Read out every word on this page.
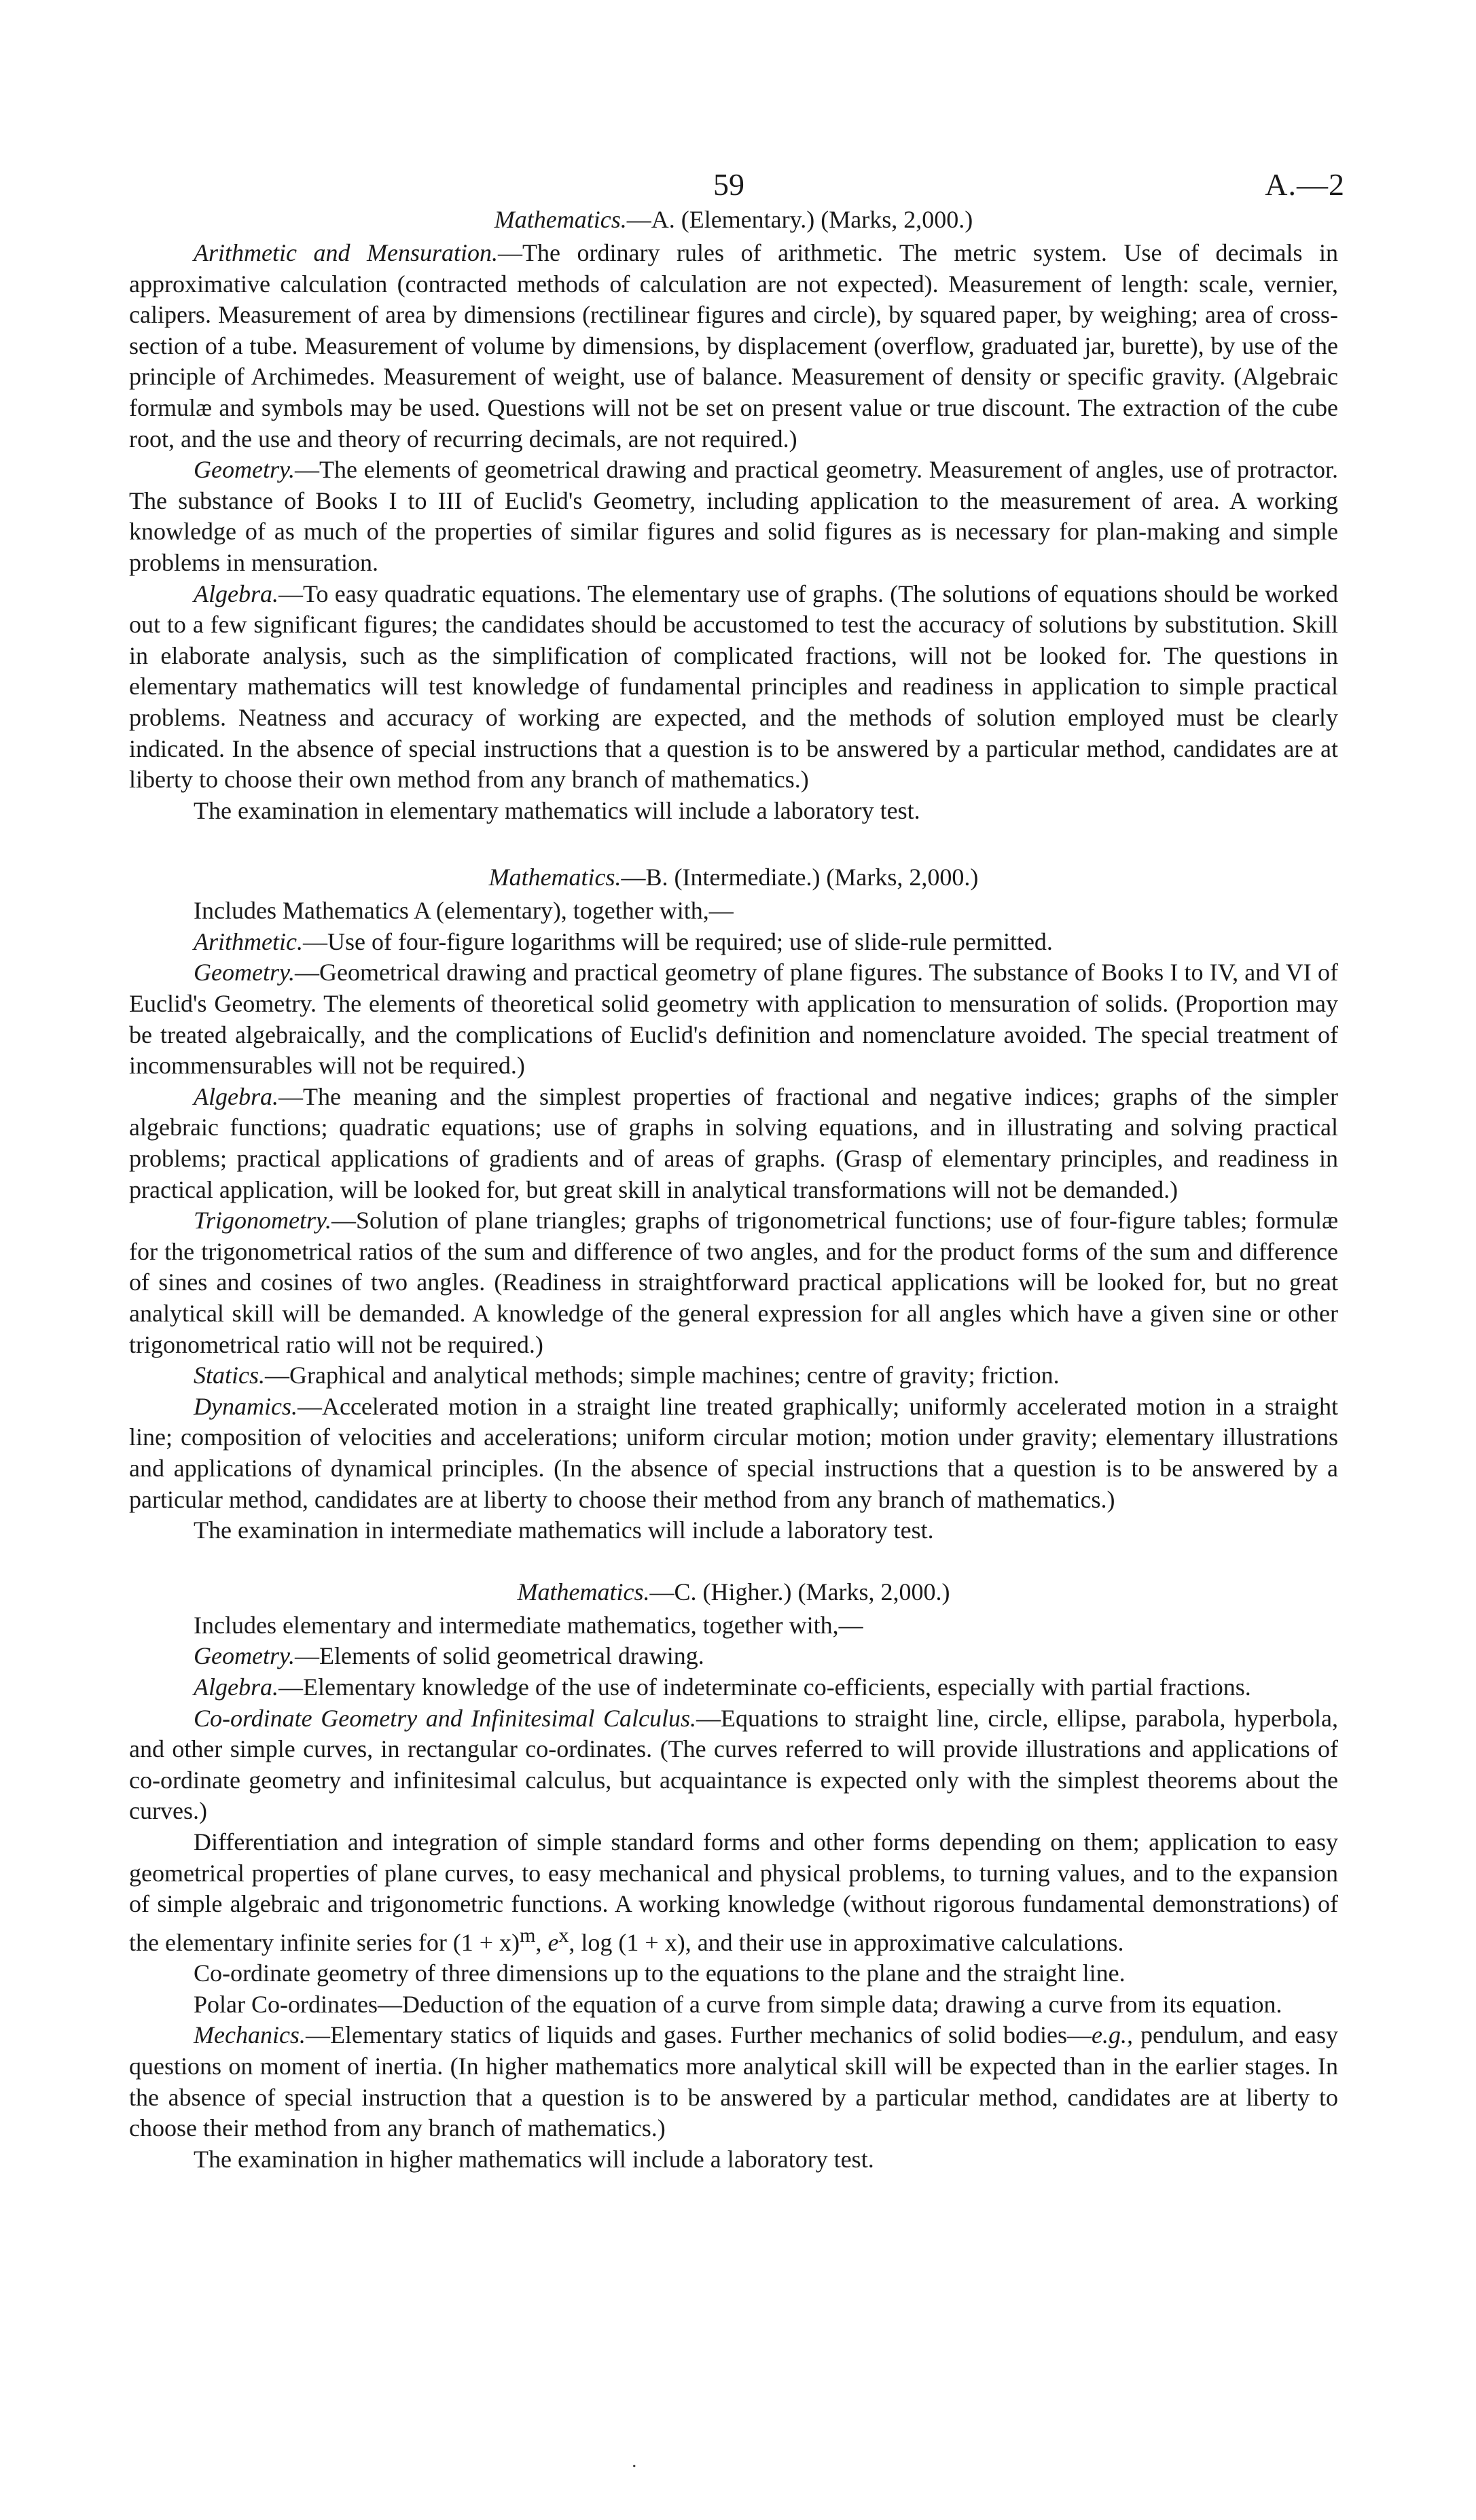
59	A.—2

Mathematics.—A. (Elementary.) (Marks, 2,000.)

Arithmetic and Mensuration.—The ordinary rules of arithmetic. The metric system. Use of decimals in approximative calculation (contracted methods of calculation are not expected). Measurement of length: scale, vernier, calipers. Measurement of area by dimensions (rectilinear figures and circle), by squared paper, by weighing; area of cross-section of a tube. Measurement of volume by dimensions, by displacement (overflow, graduated jar, burette), by use of the principle of Archimedes. Measurement of weight, use of balance. Measurement of density or specific gravity. (Algebraic formulæ and symbols may be used. Questions will not be set on present value or true discount. The extraction of the cube root, and the use and theory of recurring decimals, are not required.)

Geometry.—The elements of geometrical drawing and practical geometry. Measurement of angles, use of protractor. The substance of Books I to III of Euclid's Geometry, including application to the measurement of area. A working knowledge of as much of the properties of similar figures and solid figures as is necessary for plan-making and simple problems in mensuration.

Algebra.—To easy quadratic equations. The elementary use of graphs. (The solutions of equations should be worked out to a few significant figures; the candidates should be accustomed to test the accuracy of solutions by substitution. Skill in elaborate analysis, such as the simplification of complicated fractions, will not be looked for. The questions in elementary mathematics will test knowledge of fundamental principles and readiness in application to simple practical problems. Neatness and accuracy of working are expected, and the methods of solution employed must be clearly indicated. In the absence of special instructions that a question is to be answered by a particular method, candidates are at liberty to choose their own method from any branch of mathematics.)

The examination in elementary mathematics will include a laboratory test.

Mathematics.—B. (Intermediate.) (Marks, 2,000.)

Includes Mathematics A (elementary), together with,—

Arithmetic.—Use of four-figure logarithms will be required; use of slide-rule permitted.

Geometry.—Geometrical drawing and practical geometry of plane figures. The substance of Books I to IV, and VI of Euclid's Geometry. The elements of theoretical solid geometry with application to mensuration of solids. (Proportion may be treated algebraically, and the complications of Euclid's definition and nomenclature avoided. The special treatment of incommensurables will not be required.)

Algebra.—The meaning and the simplest properties of fractional and negative indices; graphs of the simpler algebraic functions; quadratic equations; use of graphs in solving equations, and in illustrating and solving practical problems; practical applications of gradients and of areas of graphs. (Grasp of elementary principles, and readiness in practical application, will be looked for, but great skill in analytical transformations will not be demanded.)

Trigonometry.—Solution of plane triangles; graphs of trigonometrical functions; use of four-figure tables; formulæ for the trigonometrical ratios of the sum and difference of two angles, and for the product forms of the sum and difference of sines and cosines of two angles. (Readiness in straightforward practical applications will be looked for, but no great analytical skill will be demanded. A knowledge of the general expression for all angles which have a given sine or other trigonometrical ratio will not be required.)

Statics.—Graphical and analytical methods; simple machines; centre of gravity; friction.

Dynamics.—Accelerated motion in a straight line treated graphically; uniformly accelerated motion in a straight line; composition of velocities and accelerations; uniform circular motion; motion under gravity; elementary illustrations and applications of dynamical principles. (In the absence of special instructions that a question is to be answered by a particular method, candidates are at liberty to choose their method from any branch of mathematics.)

The examination in intermediate mathematics will include a laboratory test.

Mathematics.—C. (Higher.) (Marks, 2,000.)

Includes elementary and intermediate mathematics, together with,—

Geometry.—Elements of solid geometrical drawing.

Algebra.—Elementary knowledge of the use of indeterminate co-efficients, especially with partial fractions.

Co-ordinate Geometry and Infinitesimal Calculus.—Equations to straight line, circle, ellipse, parabola, hyperbola, and other simple curves, in rectangular co-ordinates. (The curves referred to will provide illustrations and applications of co-ordinate geometry and infinitesimal calculus, but acquaintance is expected only with the simplest theorems about the curves.)

Differentiation and integration of simple standard forms and other forms depending on them; application to easy geometrical properties of plane curves, to easy mechanical and physical problems, to turning values, and to the expansion of simple algebraic and trigonometric functions. A working knowledge (without rigorous fundamental demonstrations) of the elementary infinite series for $(1 + x)^m$, $e^x$, log (1 + x), and their use in approximative calculations.

Co-ordinate geometry of three dimensions up to the equations to the plane and the straight line.

Polar Co-ordinates—Deduction of the equation of a curve from simple data; drawing a curve from its equation.

Mechanics.—Elementary statics of liquids and gases. Further mechanics of solid bodies—e.g., pendulum, and easy questions on moment of inertia. (In higher mathematics more analytical skill will be expected than in the earlier stages. In the absence of special instruction that a question is to be answered by a particular method, candidates are at liberty to choose their method from any branch of mathematics.)

The examination in higher mathematics will include a laboratory test.

.
